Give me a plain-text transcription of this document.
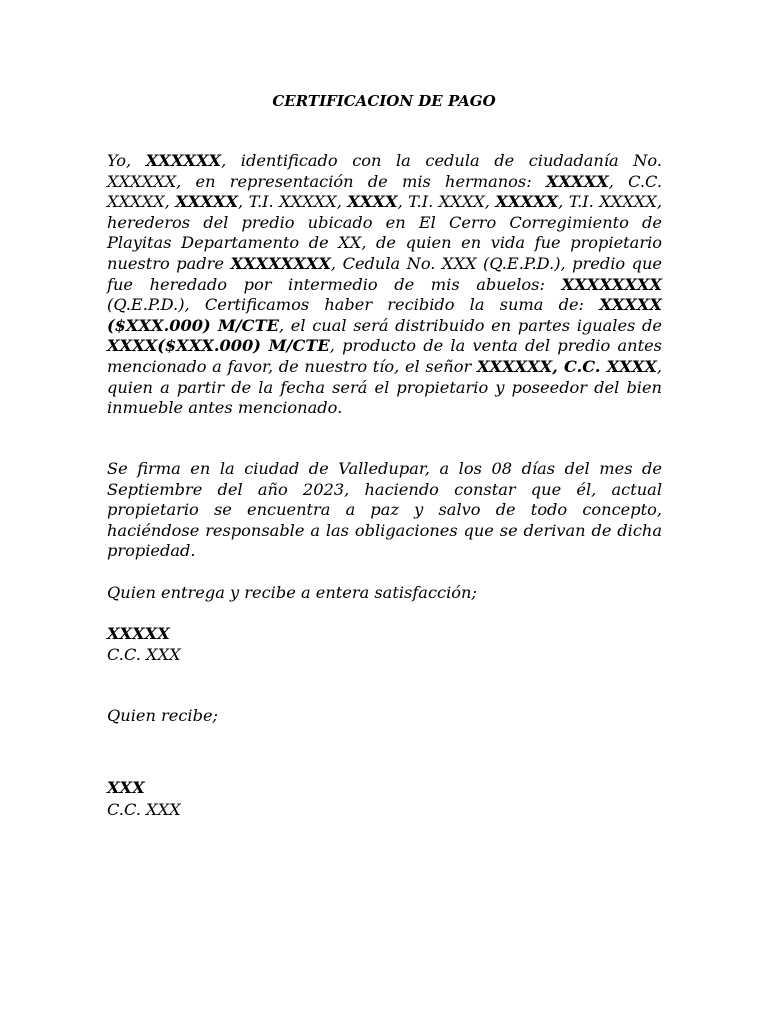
CERTIFICACION DE PAGO

Yo, XXXXXX, identificado con la cedula de ciudadanía No. XXXXXX, en representación de mis hermanos: XXXXX, C.C. XXXXX, XXXXX, T.I. XXXXX, XXXX, T.I. XXXX, XXXXX, T.I. XXXXX, herederos del predio ubicado en El Cerro Corregimiento de Playitas Departamento de XX, de quien en vida fue propietario nuestro padre XXXXXXXX, Cedula No. XXX (Q.E.P.D.), predio que fue heredado por intermedio de mis abuelos: XXXXXXXX (Q.E.P.D.), Certificamos haber recibido la suma de: XXXXX ($XXX.000) M/CTE, el cual será distribuido en partes iguales de XXXX($XXX.000) M/CTE, producto de la venta del predio antes mencionado a favor, de nuestro tío, el señor XXXXXX, C.C. XXXX, quien a partir de la fecha será el propietario y poseedor del bien inmueble antes mencionado.

Se firma en la ciudad de Valledupar, a los 08 días del mes de Septiembre del año 2023, haciendo constar que él, actual propietario se encuentra a paz y salvo de todo concepto, haciéndose responsable a las obligaciones que se derivan de dicha propiedad.

Quien entrega y recibe a entera satisfacción;

XXXXX
C.C. XXX
Quien recibe;
XXX
C.C. XXX
